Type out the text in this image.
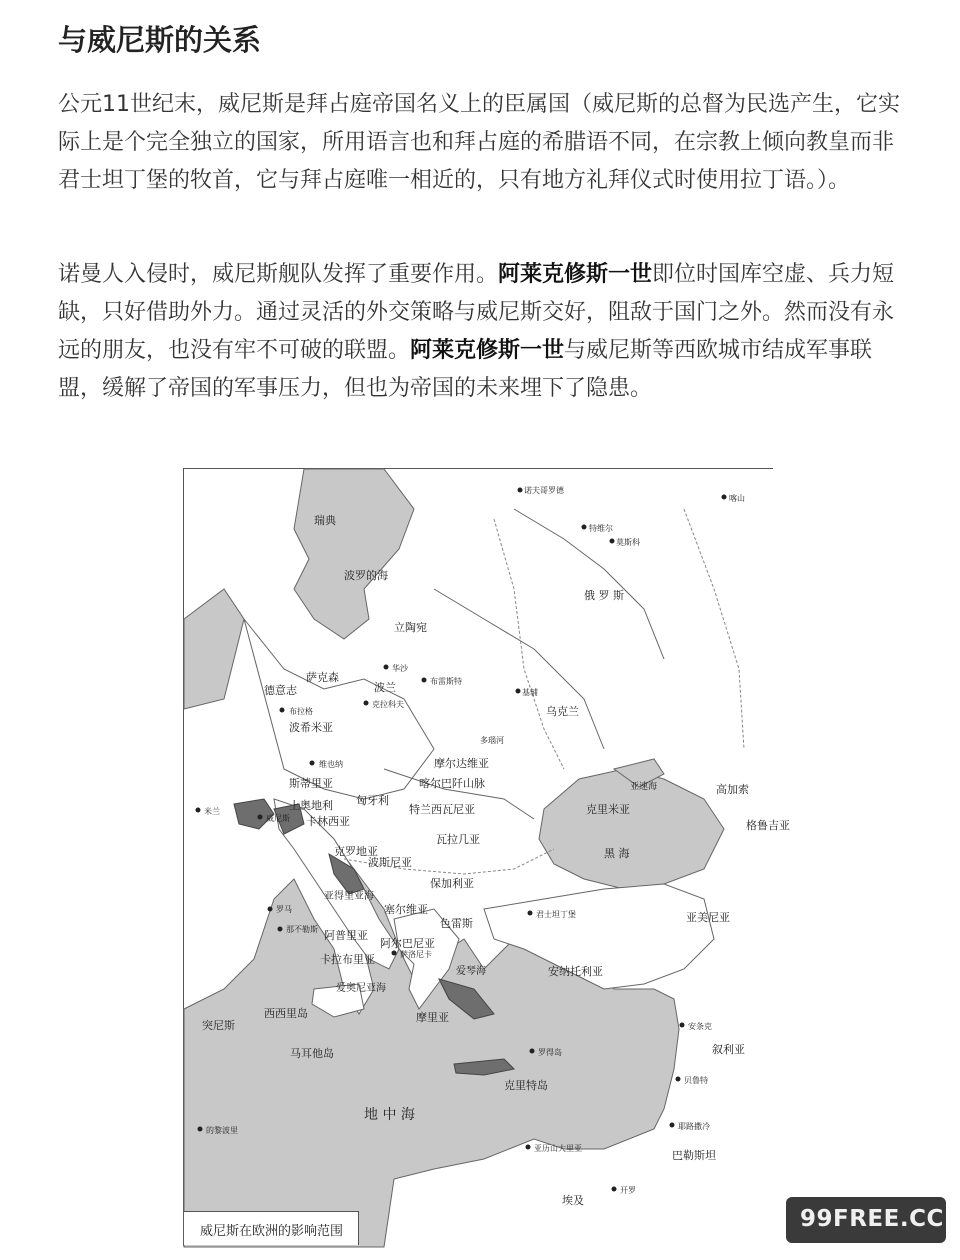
与威尼斯的关系

公元11世纪末，威尼斯是拜占庭帝国名义上的臣属国（威尼斯的总督为民选产生，它实际上是个完全独立的国家，所用语言也和拜占庭的希腊语不同，在宗教上倾向教皇而非君士坦丁堡的牧首，它与拜占庭唯一相近的，只有地方礼拜仪式时使用拉丁语。）。

诺曼人入侵时，威尼斯舰队发挥了重要作用。阿莱克修斯一世即位时国库空虚、兵力短缺，只好借助外力。通过灵活的外交策略与威尼斯交好，阻敌于国门之外。然而没有永远的朋友，也没有牢不可破的联盟。阿莱克修斯一世与威尼斯等西欧城市结成军事联盟，缓解了帝国的军事压力，但也为帝国的未来埋下了隐患。

瑞典
波罗的海
立陶宛
俄 罗 斯
诺夫哥罗德
特维尔
莫斯科
喀山
德意志
萨克森
波兰
布拉格
波希米亚
华沙
克拉科夫
布雷斯特
基辅
乌克兰
摩尔达维亚
喀尔巴阡山脉
斯蒂里亚
匈牙利
维也纳
特兰西瓦尼亚
上奥地利
卡林西亚
威尼斯
米兰
克罗地亚
波斯尼亚
瓦拉几亚
保加利亚
塞尔维亚
色雷斯
君士坦丁堡
黑 海
克里米亚
高加索
格鲁吉亚
亚美尼亚
安纳托利亚
爱琴海
亚得里亚海
爱奥尼亚海
卡拉布里亚
阿普里亚
西西里岛
马耳他岛
突尼斯
地 中 海
克里特岛
埃及
叙利亚
巴勒斯坦
罗马
那不勒斯
亚历山大里亚
开罗
亚速海
萨洛尼卡
阿尔巴尼亚
摩里亚
的黎波里
安条克
贝鲁特
耶路撒冷
罗得岛
多瑙河
威尼斯在欧洲的影响范围	99FREE.CC
